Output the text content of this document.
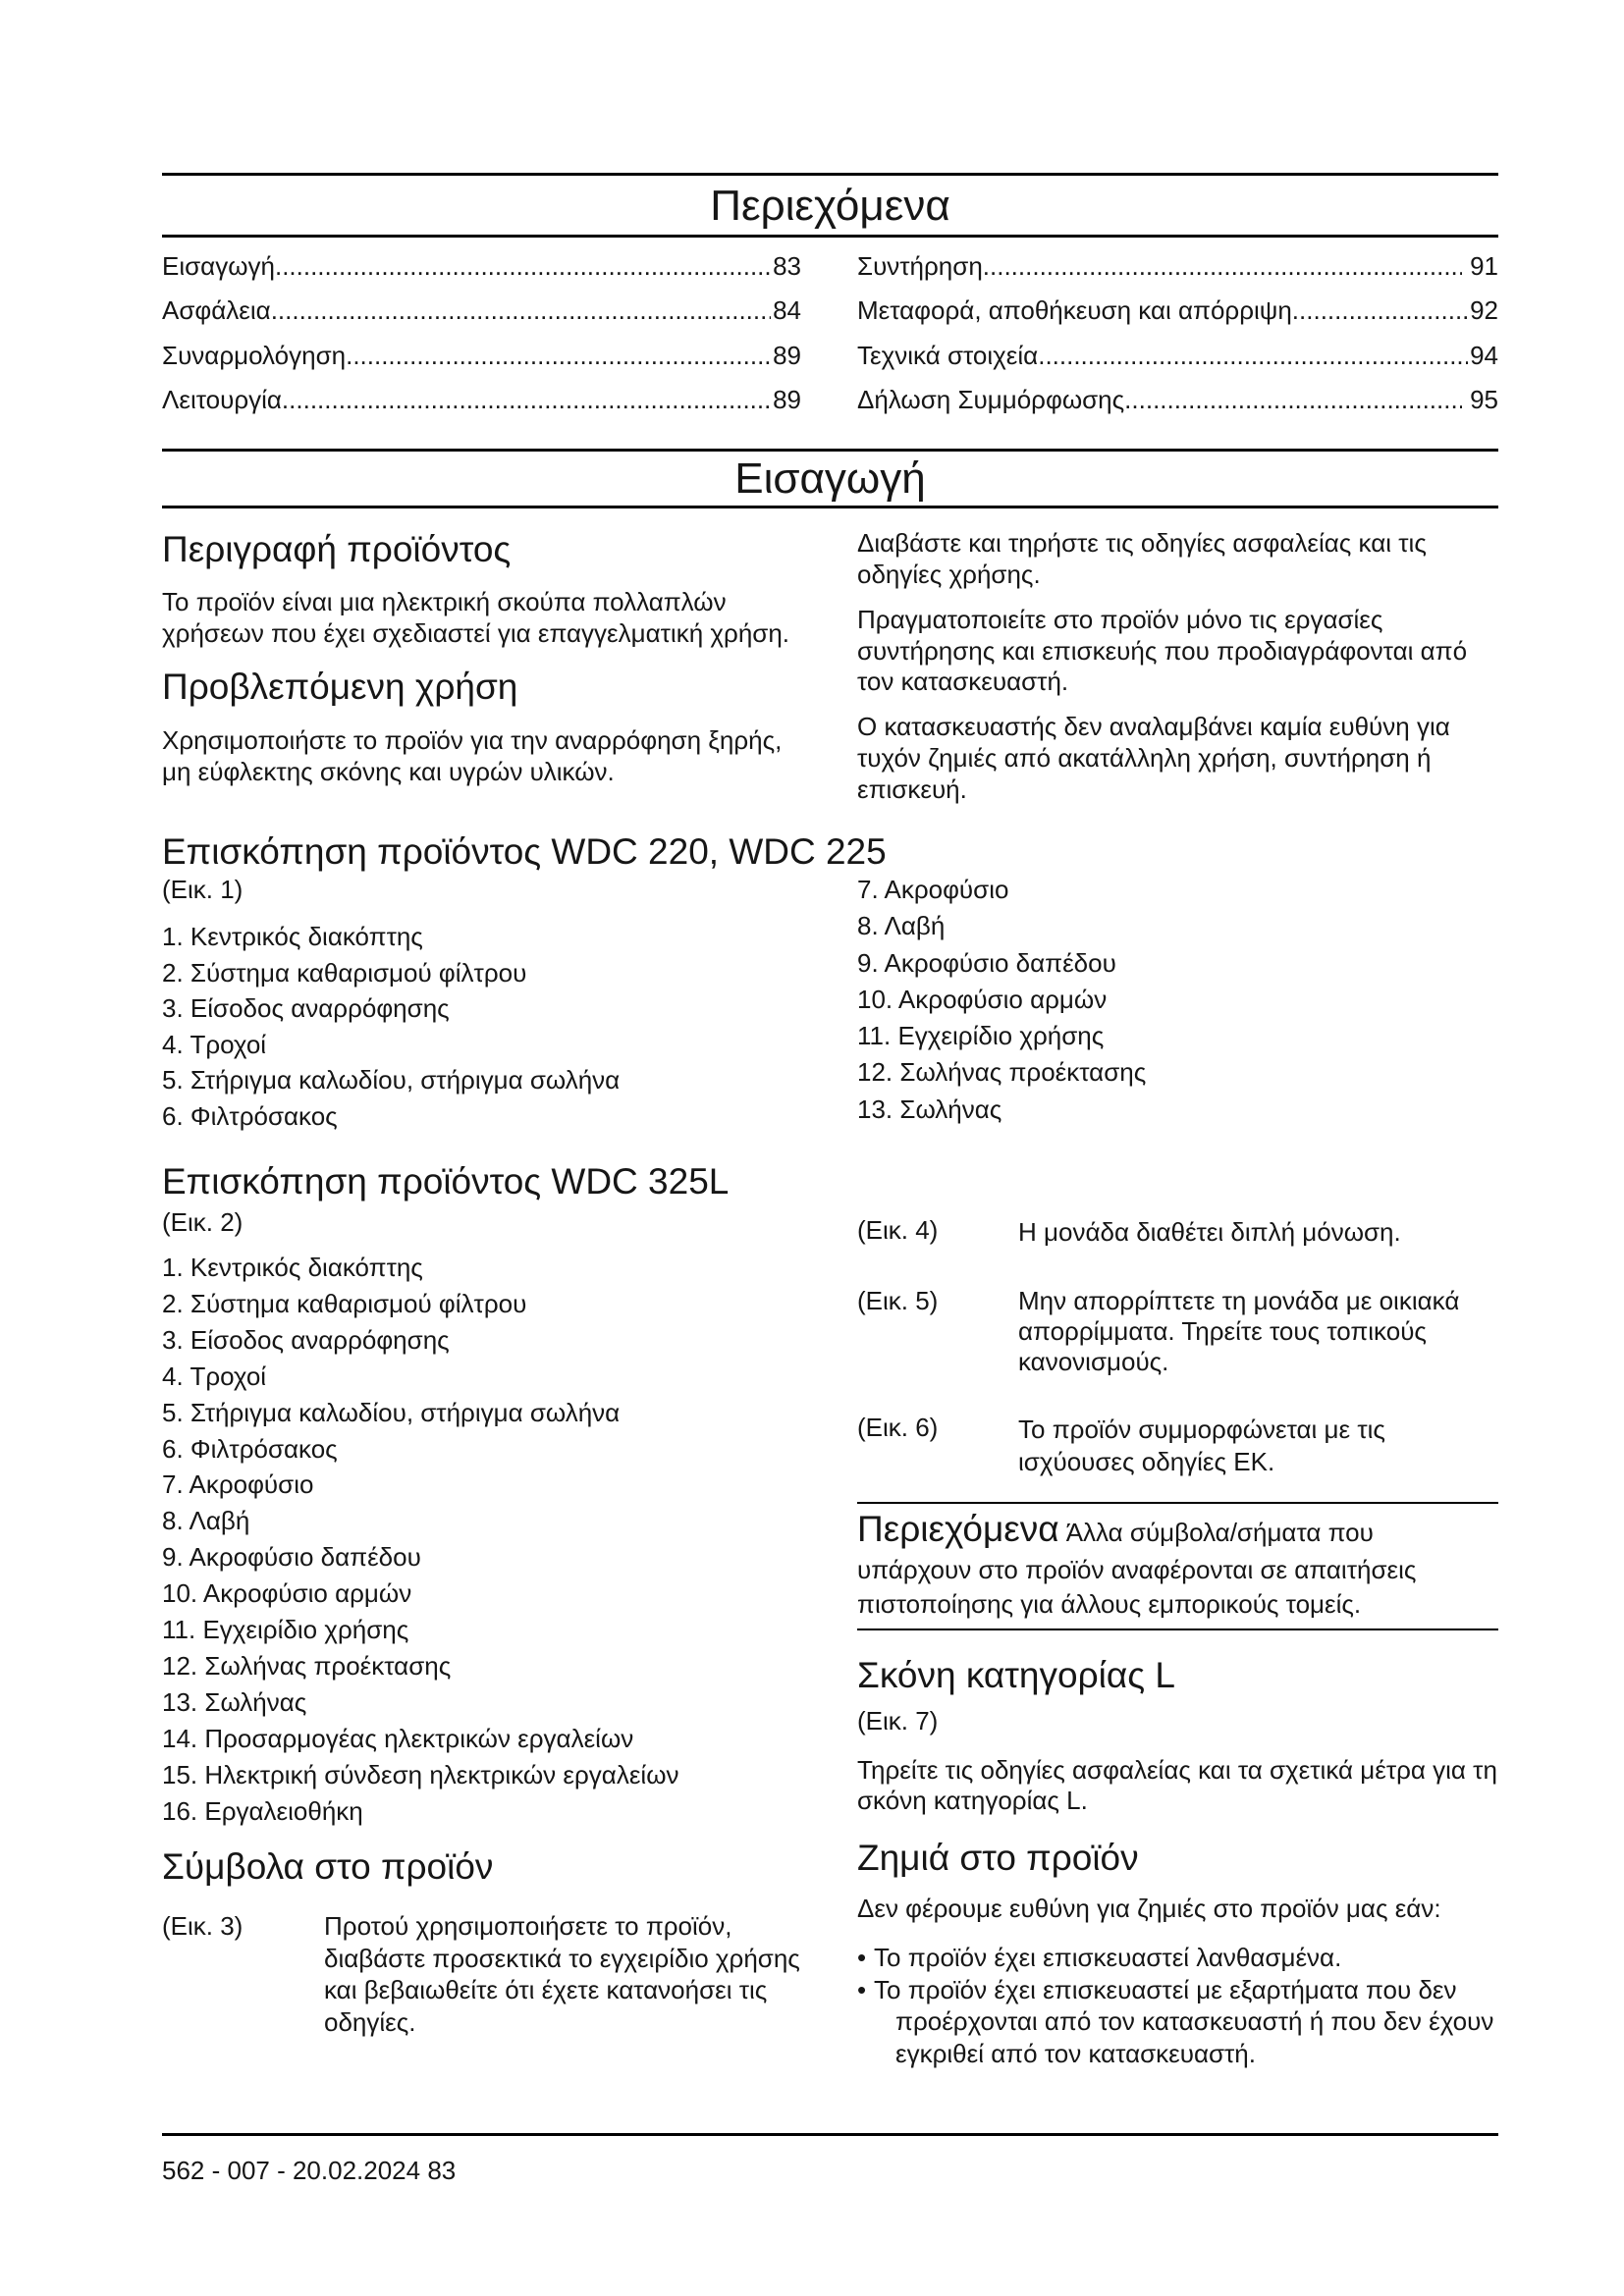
Περιεχόμενα
Εισαγωγή .....	83
Ασφάλεια .....	84
Συναρμολόγηση .....	89
Λειτουργία .....	89
Συντήρηση .....	91
Μεταφορά, αποθήκευση και απόρριψη .....	92
Τεχνικά στοιχεία .....	94
Δήλωση Συμμόρφωσης .....	95
Εισαγωγή
Περιγραφή προϊόντος
Το προϊόν είναι μια ηλεκτρική σκούπα πολλαπλών
χρήσεων που έχει σχεδιαστεί για επαγγελματική χρήση.
Προβλεπόμενη χρήση
Χρησιμοποιήστε το προϊόν για την αναρρόφηση ξηρής,
μη εύφλεκτης σκόνης και υγρών υλικών.
Διαβάστε και τηρήστε τις οδηγίες ασφαλείας και τις
οδηγίες χρήσης.
Πραγματοποιείτε στο προϊόν μόνο τις εργασίες
συντήρησης και επισκευής που προδιαγράφονται από
τον κατασκευαστή.
Ο κατασκευαστής δεν αναλαμβάνει καμία ευθύνη για
τυχόν ζημιές από ακατάλληλη χρήση, συντήρηση ή
επισκευή.
Επισκόπηση προϊόντος WDC 220, WDC 225
(Εικ. 1)
1. Κεντρικός διακόπτης
2. Σύστημα καθαρισμού φίλτρου
3. Είσοδος αναρρόφησης
4. Τροχοί
5. Στήριγμα καλωδίου, στήριγμα σωλήνα
6. Φιλτρόσακος
7. Ακροφύσιο
8. Λαβή
9. Ακροφύσιο δαπέδου
10. Ακροφύσιο αρμών
11. Εγχειρίδιο χρήσης
12. Σωλήνας προέκτασης
13. Σωλήνας
Επισκόπηση προϊόντος WDC 325L
(Εικ. 2)
1. Κεντρικός διακόπτης
2. Σύστημα καθαρισμού φίλτρου
3. Είσοδος αναρρόφησης
4. Τροχοί
5. Στήριγμα καλωδίου, στήριγμα σωλήνα
6. Φιλτρόσακος
7. Ακροφύσιο
8. Λαβή
9. Ακροφύσιο δαπέδου
10. Ακροφύσιο αρμών
11. Εγχειρίδιο χρήσης
12. Σωλήνας προέκτασης
13. Σωλήνας
14. Προσαρμογέας ηλεκτρικών εργαλείων
15. Ηλεκτρική σύνδεση ηλεκτρικών εργαλείων
16. Εργαλειοθήκη
Σύμβολα στο προϊόν
(Εικ. 3)	Προτού χρησιμοποιήσετε το προϊόν,
διαβάστε προσεκτικά το εγχειρίδιο χρήσης
και βεβαιωθείτε ότι έχετε κατανοήσει τις
οδηγίες.
(Εικ. 4)	Η μονάδα διαθέτει διπλή μόνωση.
(Εικ. 5)	Μην απορρίπτετε τη μονάδα με οικιακά
απορρίμματα. Τηρείτε τους τοπικούς
κανονισμούς.
(Εικ. 6)	Το προϊόν συμμορφώνεται με τις
ισχύουσες οδηγίες ΕΚ.
Περιεχόμενα Άλλα σύμβολα/σήματα που
υπάρχουν στο προϊόν αναφέρονται σε απαιτήσεις
πιστοποίησης για άλλους εμπορικούς τομείς.
Σκόνη κατηγορίας L
(Εικ. 7)
Τηρείτε τις οδηγίες ασφαλείας και τα σχετικά μέτρα για τη
σκόνη κατηγορίας L.
Ζημιά στο προϊόν
Δεν φέρουμε ευθύνη για ζημιές στο προϊόν μας εάν:
• Το προϊόν έχει επισκευαστεί λανθασμένα.
• Το προϊόν έχει επισκευαστεί με εξαρτήματα που δεν
προέρχονται από τον κατασκευαστή ή που δεν έχουν
εγκριθεί από τον κατασκευαστή.
562 - 007 - 20.02.2024 83
